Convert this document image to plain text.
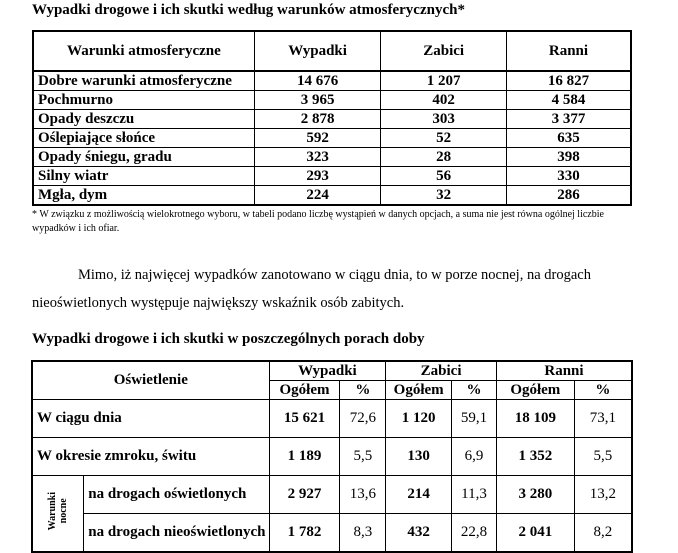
Wypadki drogowe i ich skutki według warunków atmosferycznych*
Warunki atmosferyczne	Wypadki	Zabici	Ranni
Dobre warunki atmosferyczne	14 676	1 207	16 827
Pochmurno	3 965	402	4 584
Opady deszczu	2 878	303	3 377
Oślepiające słońce	592	52	635
Opady śniegu, gradu	323	28	398
Silny wiatr	293	56	330
Mgła, dym	224	32	286
* W związku z możliwością wielokrotnego wyboru, w tabeli podano liczbę wystąpień w danych opcjach, a suma nie jest równa ogólnej liczbie wypadków i ich ofiar.
Mimo, iż najwięcej wypadków zanotowano w ciągu dnia, to w porze nocnej, na drogach nieoświetlonych występuje największy wskaźnik osób zabitych.
Wypadki drogowe i ich skutki w poszczególnych porach doby
Oświetlenie		Wypadki		Zabici		Ranni	
		Ogółem	%	Ogółem	%	Ogółem	%
W ciągu dnia		15 621	72,6	1 120	59,1	18 109	73,1
W okresie zmroku, świtu		1 189	5,5	130	6,9	1 352	5,5
Warunki
nocne	na drogach oświetlonych	2 927	13,6	214	11,3	3 280	13,2
	na drogach nieoświetlonych	1 782	8,3	432	22,8	2 041	8,2
